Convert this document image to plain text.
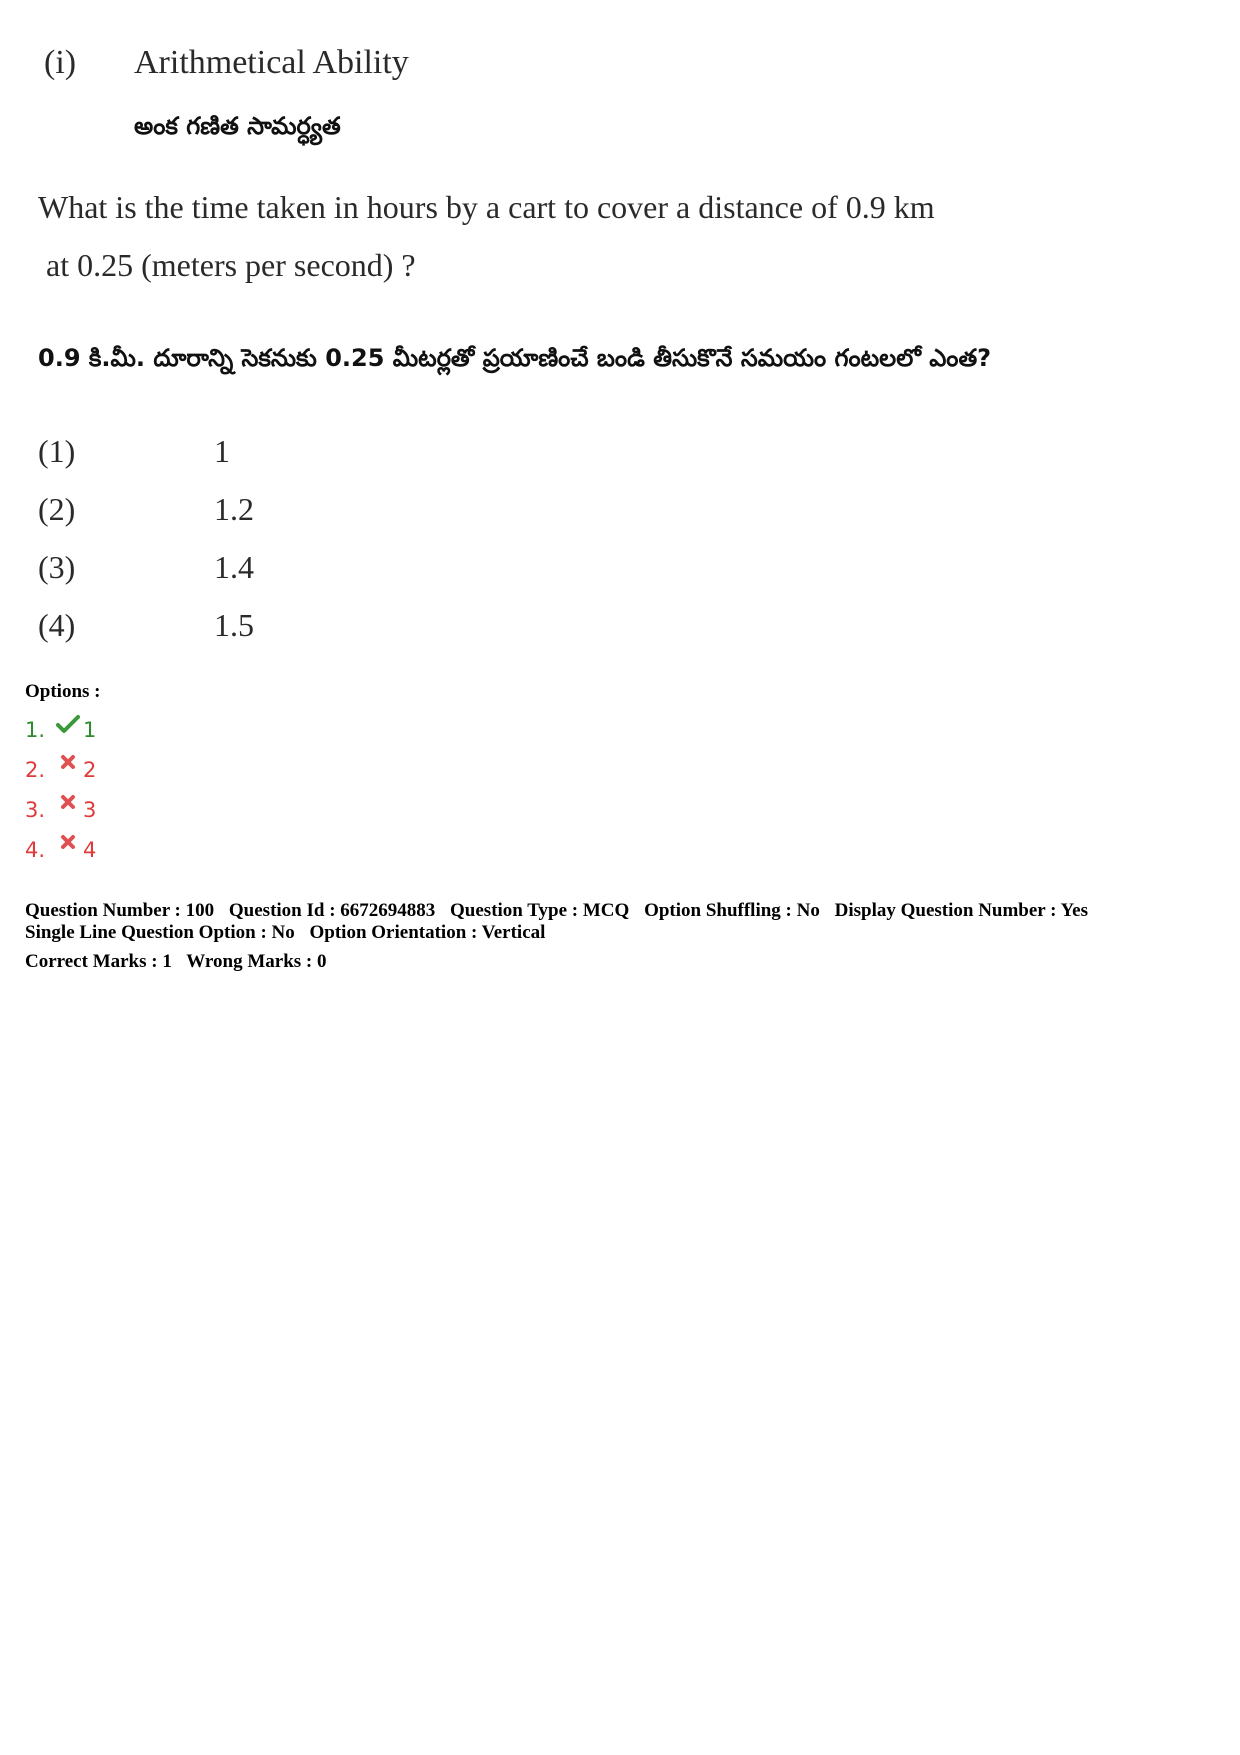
(i)	Arithmetical Ability
అంక గణిత సామర్ధ్యత
What is the time taken in hours by a cart to cover a distance of 0.9 km
at 0.25 (meters per second) ?
0.9 కి.మీ. దూరాన్ని సెకనుకు 0.25 మీటర్లతో ప్రయాణించే బండి తీసుకొనే సమయం గంటలలో ఎంత?
(1)	1
(2)	1.2
(3)	1.4
(4)	1.5
Options :
1.	1
2.	2
3.	3
4.	4
Question Number : 100 Question Id : 6672694883 Question Type : MCQ Option Shuffling : No Display Question Number : Yes
Single Line Question Option : No Option Orientation : Vertical
Correct Marks : 1 Wrong Marks : 0
